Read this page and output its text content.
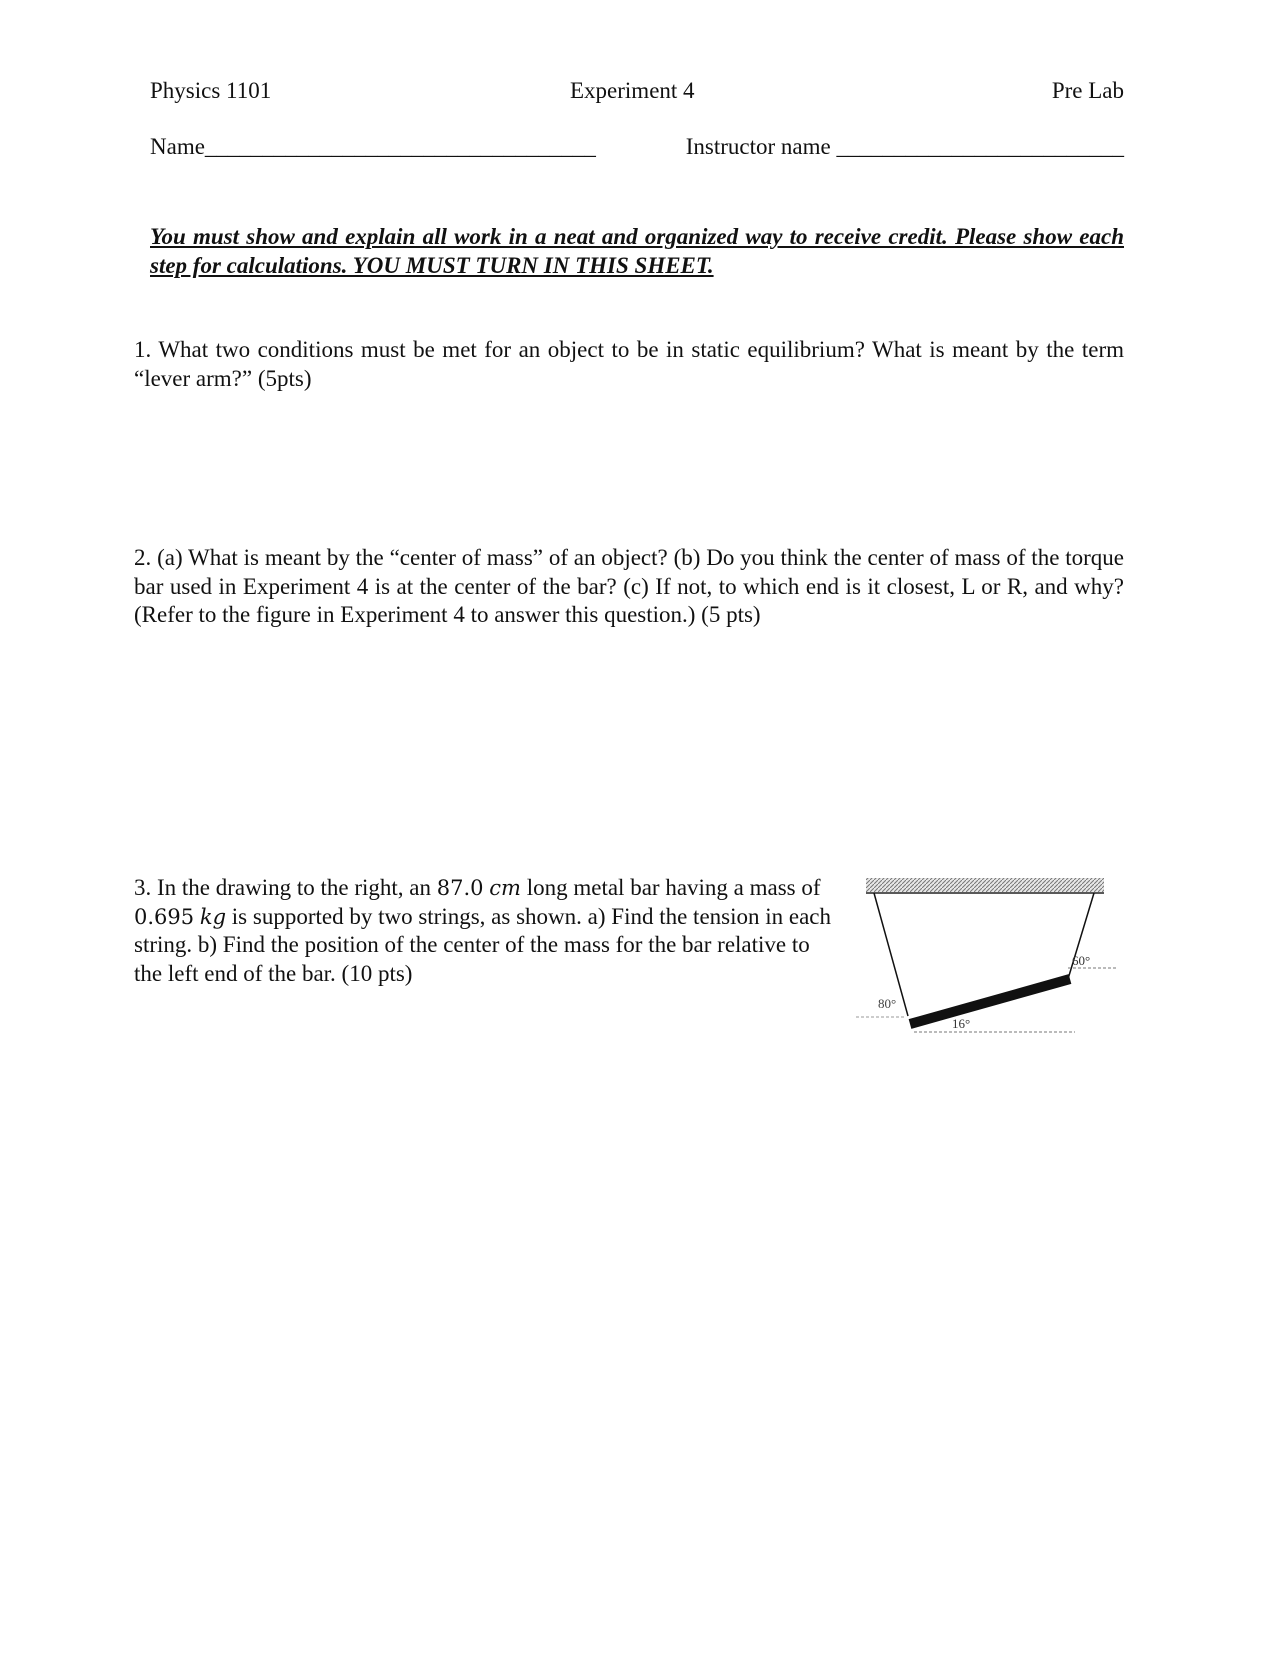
Physics 1101	Experiment 4	Pre Lab
Name__________________________________	Instructor name _________________________
You must show and explain all work in a neat and organized way to receive credit. Please show each step for calculations. YOU MUST TURN IN THIS SHEET.
1. What two conditions must be met for an object to be in static equilibrium? What is meant by the term “lever arm?” (5pts)
2. (a) What is meant by the “center of mass” of an object? (b) Do you think the center of mass of the torque bar used in Experiment 4 is at the center of the bar? (c) If not, to which end is it closest, L or R, and why? (Refer to the figure in Experiment 4 to answer this question.) (5 pts)
3. In the drawing to the right, an 87.0 cm long metal bar having a mass of 0.695 kg is supported by two strings, as shown. a) Find the tension in each string. b) Find the position of the center of the mass for the bar relative to the left end of the bar. (10 pts)
80°
60°
16°
